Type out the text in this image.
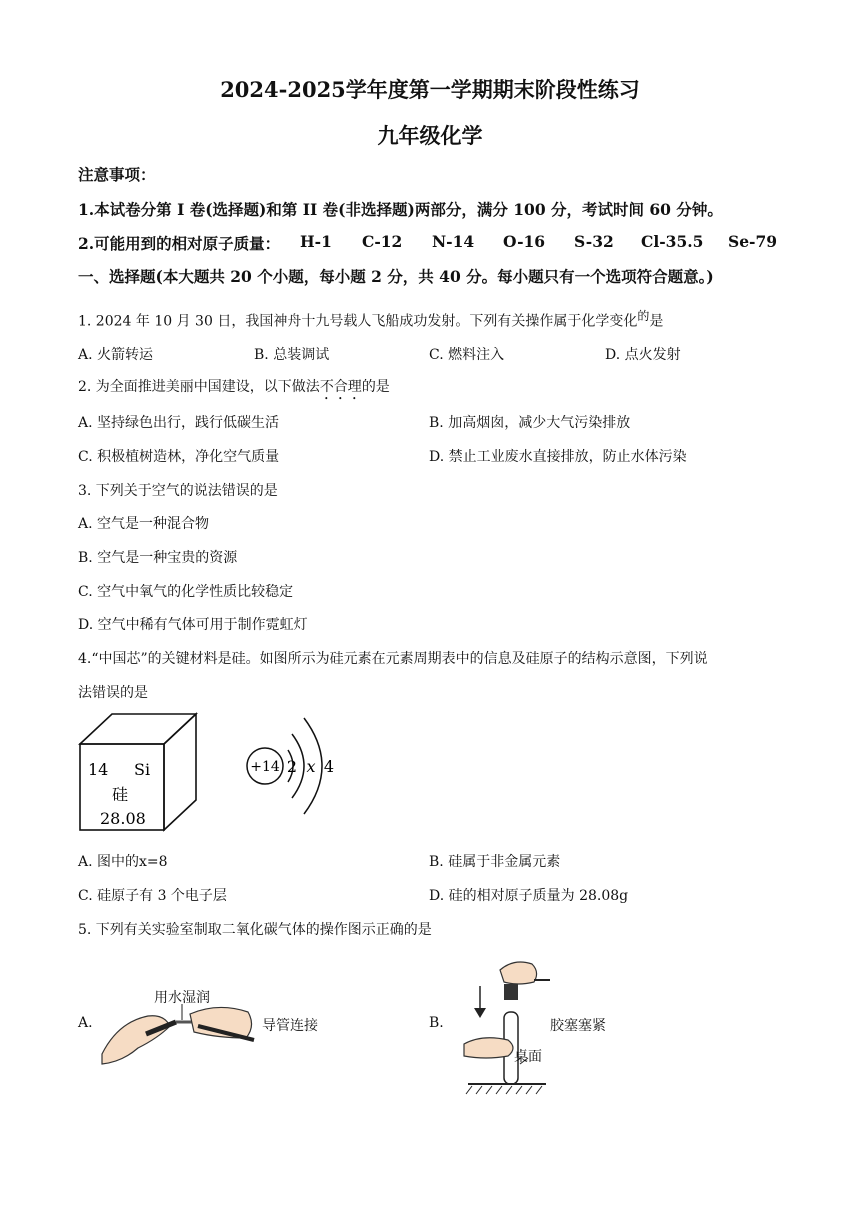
2024-2025学年度第一学期期末阶段性练习
九年级化学
注意事项：
1.本试卷分第 I 卷(选择题)和第 II 卷(非选择题)两部分，满分 100 分，考试时间 60 分钟。
2.可能用到的相对原子质量： H-1 C-12 N-14 O-16 S-32 Cl-35.5 Se-79
一、选择题(本大题共 20 个小题，每小题 2 分，共 40 分。每小题只有一个选项符合题意。)
1. 2024 年 10 月 30 日，我国神舟十九号载人飞船成功发射。下列有关操作属于化学变化$^的$是
A. 火箭转运	B. 总装调试	C. 燃料注入	D. 点火发射
2. 为全面推进美丽中国建设，以下做法不合理的是
A. 坚持绿色出行，践行低碳生活	B. 加高烟囱，减少大气污染排放
C. 积极植树造林，净化空气质量	D. 禁止工业废水直接排放，防止水体污染
3. 下列关于空气的说法错误的是
A. 空气是一种混合物
B. 空气是一种宝贵的资源
C. 空气中氧气的化学性质比较稳定
D. 空气中稀有气体可用于制作霓虹灯
4.“中国芯”的关键材料是硅。如图所示为硅元素在元素周期表中的信息及硅原子的结构示意图，下列说
法错误的是
14 Si
硅
28.08
+14 2 x 4
A. 图中的x=8	B. 硅属于非金属元素
C. 硅原子有 3 个电子层	D. 硅的相对原子质量为 28.08g
5. 下列有关实验室制取二氧化碳气体的操作图示正确的是
A.
用水湿润
导管连接	B.
桌面
胶塞塞紧
